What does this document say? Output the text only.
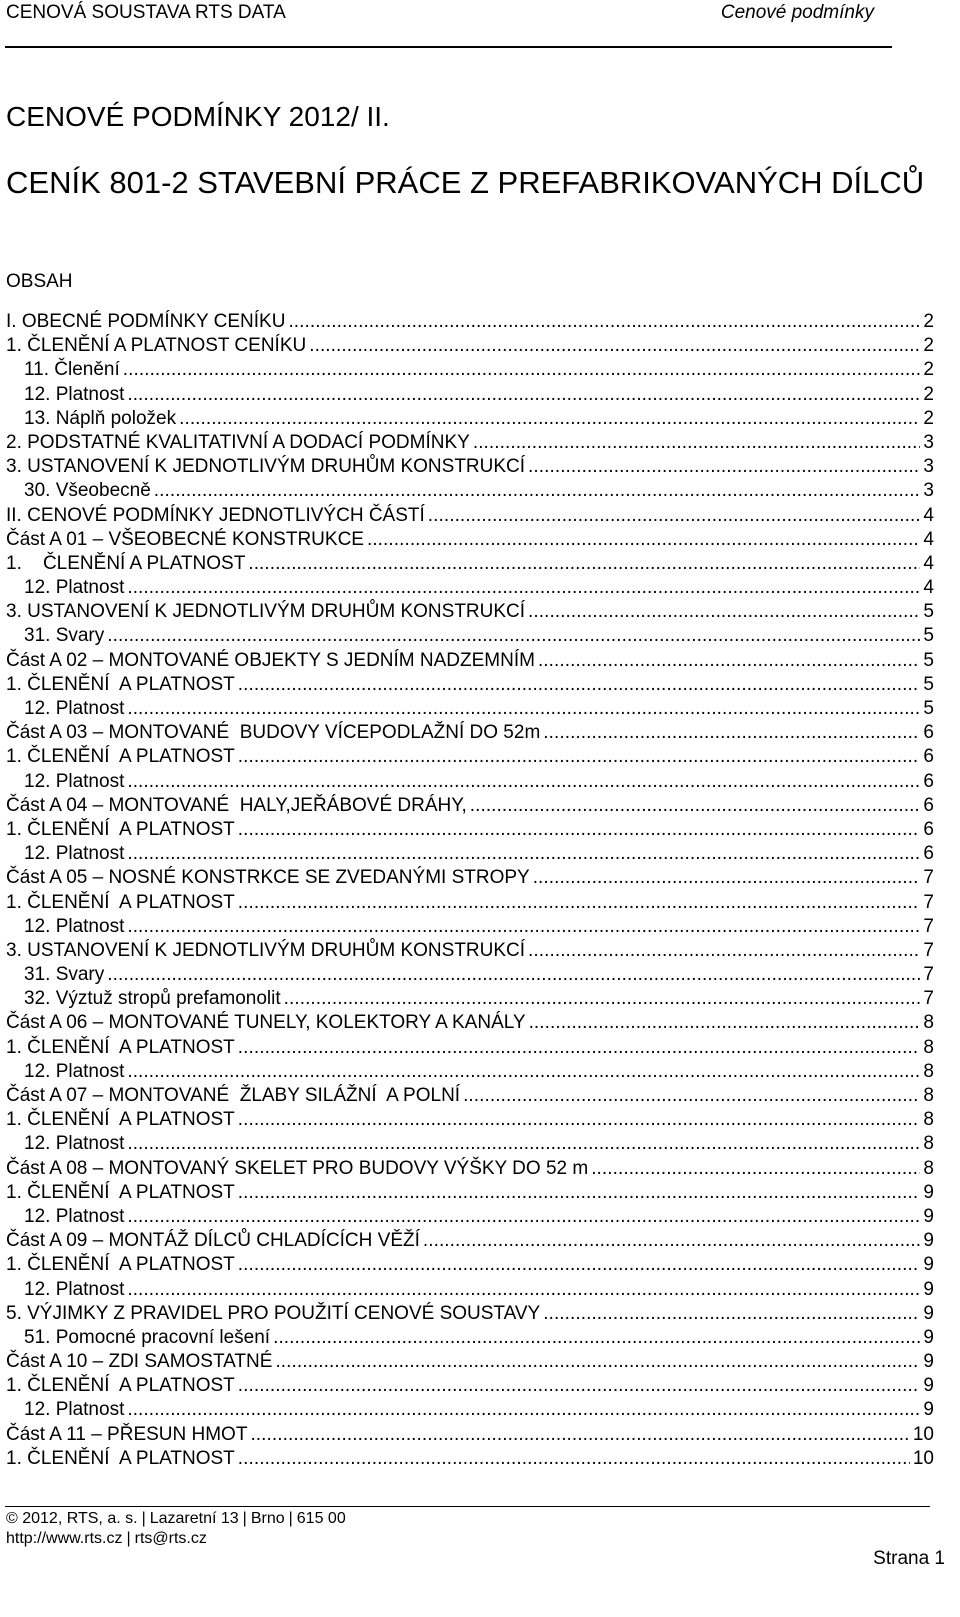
CENOVÁ SOUSTAVA RTS DATA	Cenové podmínky
CENOVÉ PODMÍNKY 2012/ II.
CENÍK 801-2 STAVEBNÍ PRÁCE Z PREFABRIKOVANÝCH DÍLCŮ
OBSAH
I. OBECNÉ PODMÍNKY CENÍKU . . .	2
1. ČLENĚNÍ A PLATNOST CENÍKU . . .	2
11. Členění . . .	2
12. Platnost . . .	2
13. Náplň položek . . .	2
2. PODSTATNÉ KVALITATIVNÍ A DODACÍ PODMÍNKY . . .	3
3. USTANOVENÍ K JEDNOTLIVÝM DRUHŮM KONSTRUKCÍ . . .	3
30. Všeobecně . . .	3
II. CENOVÉ PODMÍNKY JEDNOTLIVÝCH ČÁSTÍ . . .	4
Část A 01 – VŠEOBECNÉ KONSTRUKCE . . .	4
1.    ČLENĚNÍ A PLATNOST . . .	4
12. Platnost . . .	4
3. USTANOVENÍ K JEDNOTLIVÝM DRUHŮM KONSTRUKCÍ . . .	5
31. Svary . . .	5
Část A 02 – MONTOVANÉ OBJEKTY S JEDNÍM NADZEMNÍM . . .	5
1. ČLENĚNÍ  A PLATNOST . . .	5
12. Platnost . . .	5
Část A 03 – MONTOVANÉ  BUDOVY VÍCEPODLAŽNÍ DO 52m . . .	6
1. ČLENĚNÍ  A PLATNOST . . .	6
12. Platnost . . .	6
Část A 04 – MONTOVANÉ  HALY,JEŘÁBOVÉ DRÁHY, . . .	6
1. ČLENĚNÍ  A PLATNOST . . .	6
12. Platnost . . .	6
Část A 05 – NOSNÉ KONSTRKCE SE ZVEDANÝMI STROPY . . .	7
1. ČLENĚNÍ  A PLATNOST . . .	7
12. Platnost . . .	7
3. USTANOVENÍ K JEDNOTLIVÝM DRUHŮM KONSTRUKCÍ . . .	7
31. Svary . . .	7
32. Výztuž stropů prefamonolit . . .	7
Část A 06 – MONTOVANÉ TUNELY, KOLEKTORY A KANÁLY . . .	8
1. ČLENĚNÍ  A PLATNOST . . .	8
12. Platnost . . .	8
Část A 07 – MONTOVANÉ  ŽLABY SILÁŽNÍ  A POLNÍ . . .	8
1. ČLENĚNÍ  A PLATNOST . . .	8
12. Platnost . . .	8
Část A 08 – MONTOVANÝ SKELET PRO BUDOVY VÝŠKY DO 52 m . . .	8
1. ČLENĚNÍ  A PLATNOST . . .	9
12. Platnost . . .	9
Část A 09 – MONTÁŽ DÍLCŮ CHLADÍCÍCH VĚŽÍ . . .	9
1. ČLENĚNÍ  A PLATNOST . . .	9
12. Platnost . . .	9
5. VÝJIMKY Z PRAVIDEL PRO POUŽITÍ CENOVÉ SOUSTAVY . . .	9
51. Pomocné pracovní lešení . . .	9
Část A 10 – ZDI SAMOSTATNÉ . . .	9
1. ČLENĚNÍ  A PLATNOST . . .	9
12. Platnost . . .	9
Část A 11 – PŘESUN HMOT . . .	10
1. ČLENĚNÍ  A PLATNOST . . .	10
© 2012, RTS, a. s. | Lazaretní 13 | Brno | 615 00
http://www.rts.cz | rts@rts.cz
Strana 1
